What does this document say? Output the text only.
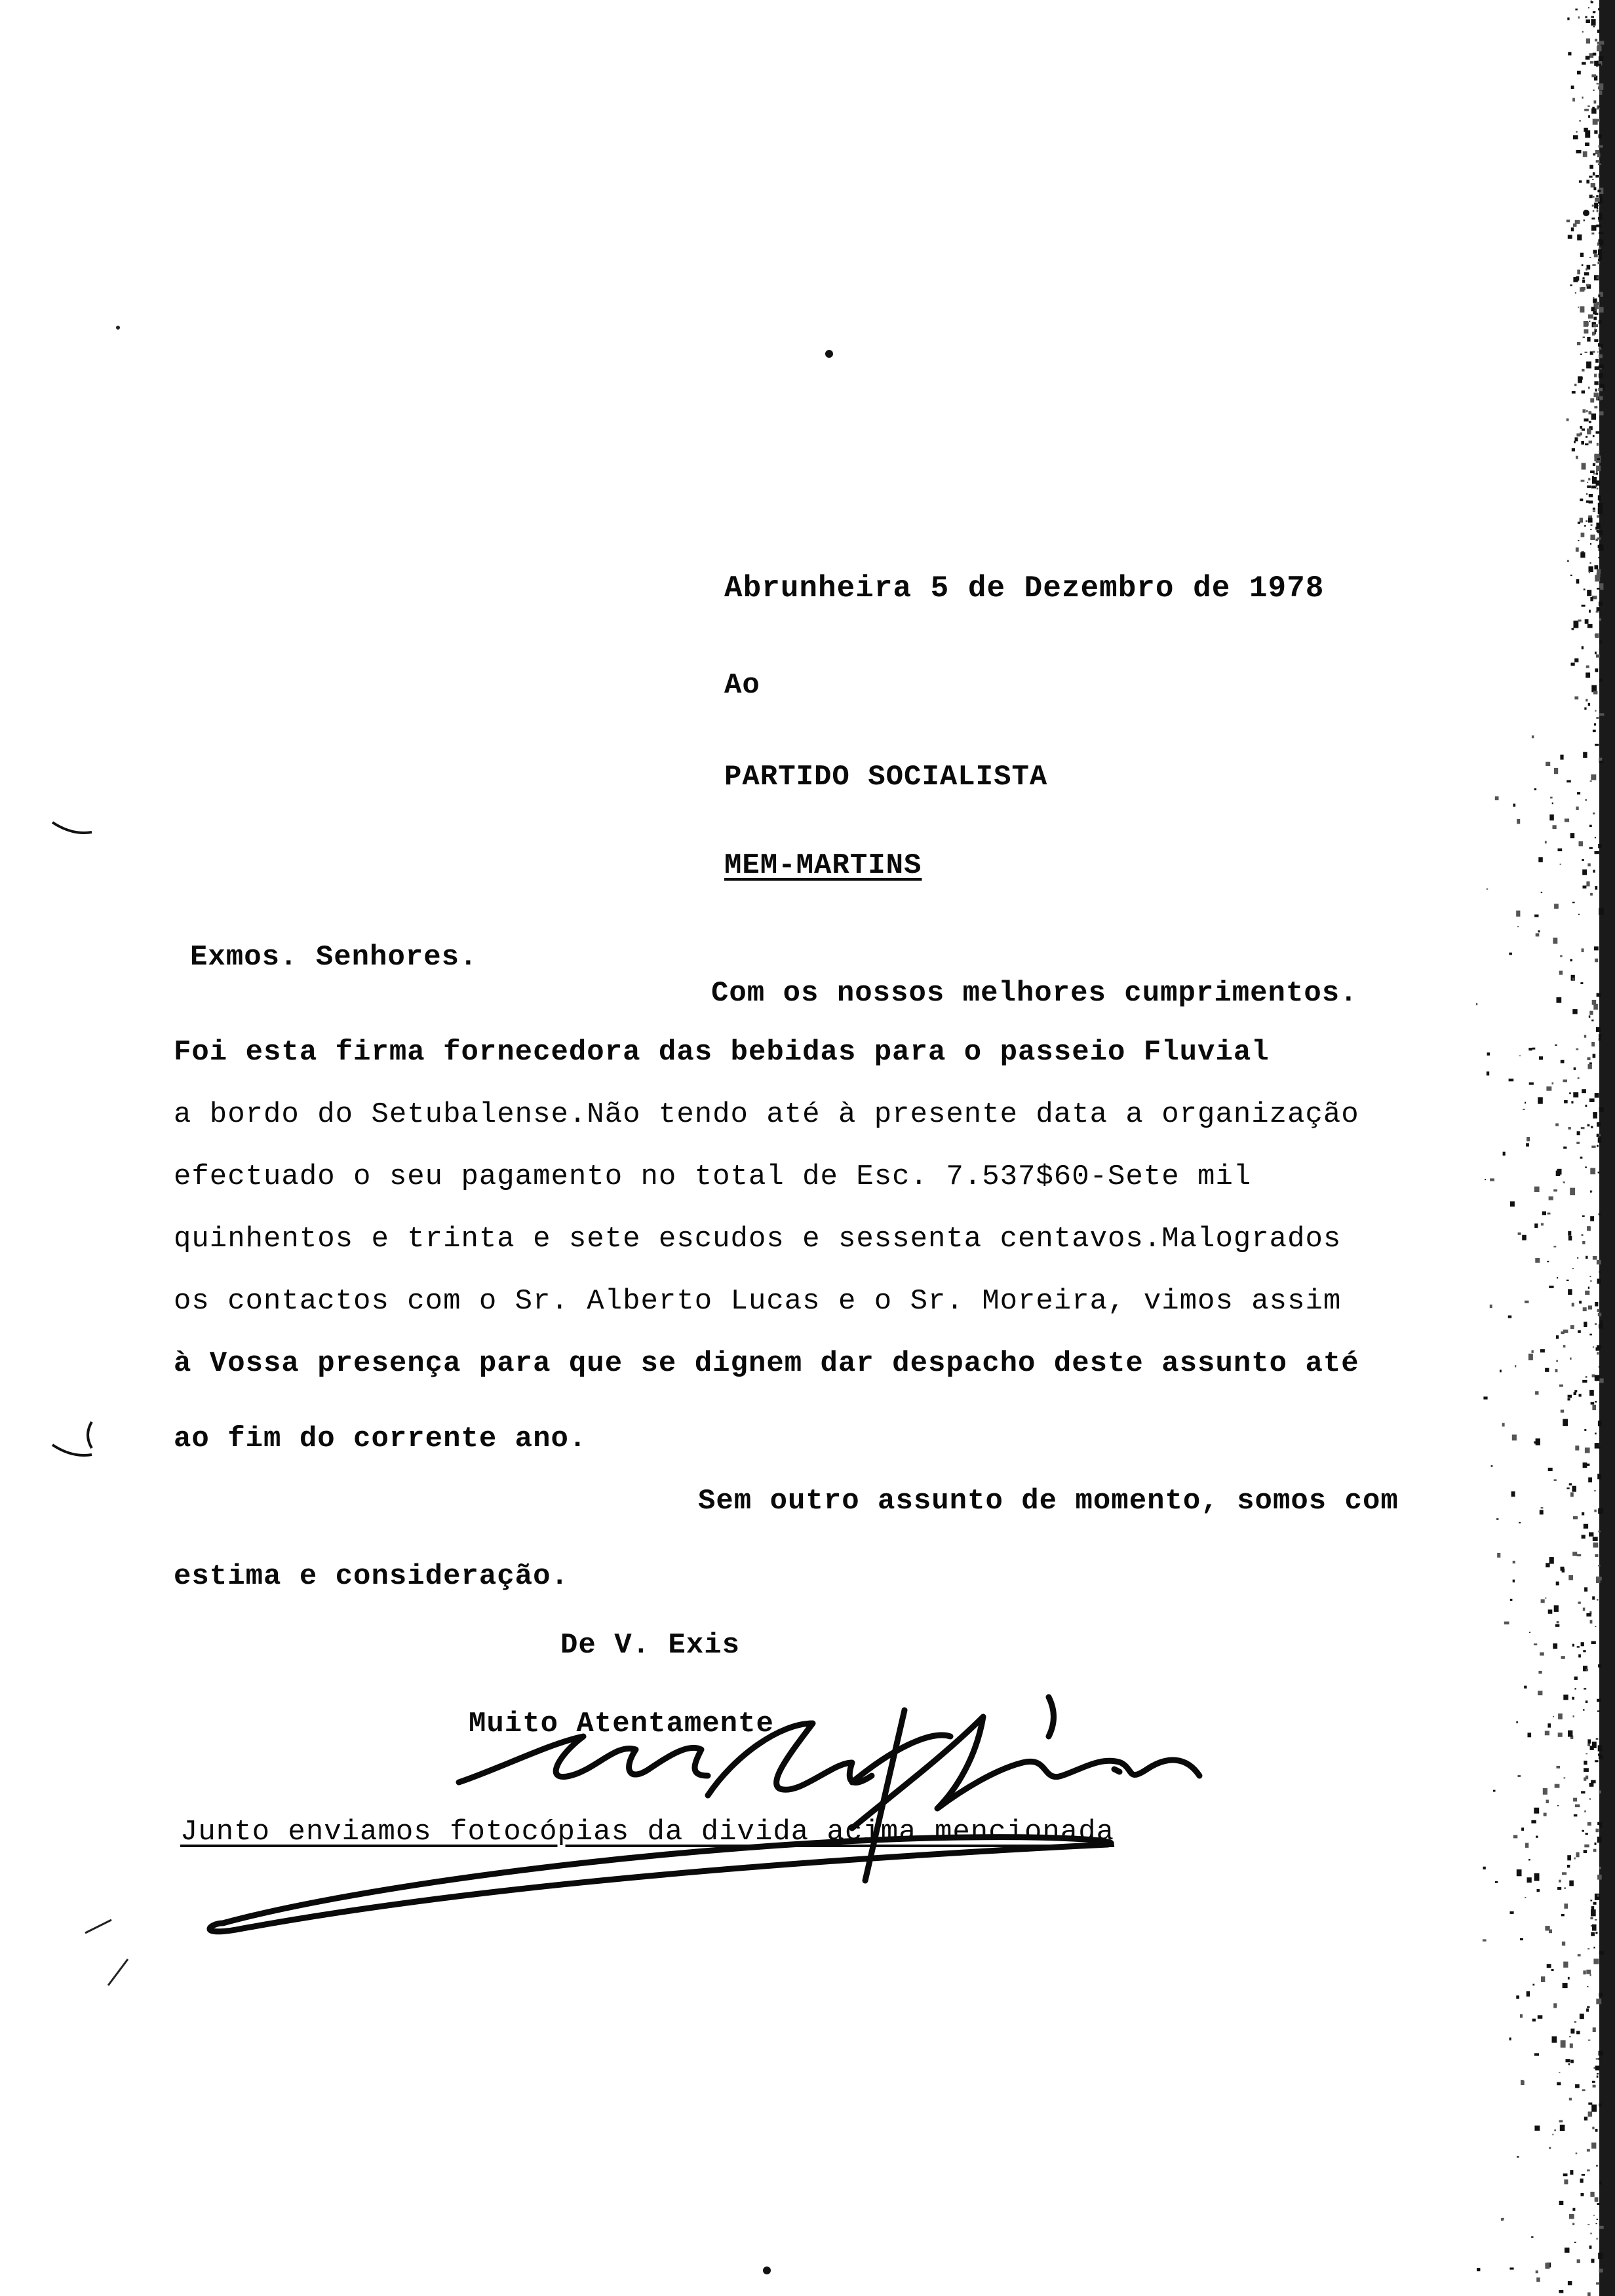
Abrunheira 5 de Dezembro de 1978
Ao
PARTIDO SOCIALISTA
MEM-MARTINS
Exmos. Senhores.
Com os nossos melhores cumprimentos.
Foi esta firma fornecedora das bebidas para o passeio Fluvial
a bordo do Setubalense.Não tendo até à presente data a organização
efectuado o seu pagamento no total de Esc. 7.537$60-Sete mil
quinhentos e trinta e sete escudos e sessenta centavos.Malogrados
os contactos com o Sr. Alberto Lucas e o Sr. Moreira, vimos assim
à Vossa presença para que se dignem dar despacho deste assunto até
ao fim do corrente ano.
Sem outro assunto de momento, somos com
estima e consideração.
De V. Exis
Muito Atentamente
Junto enviamos fotocópias da divida acima mencionada
